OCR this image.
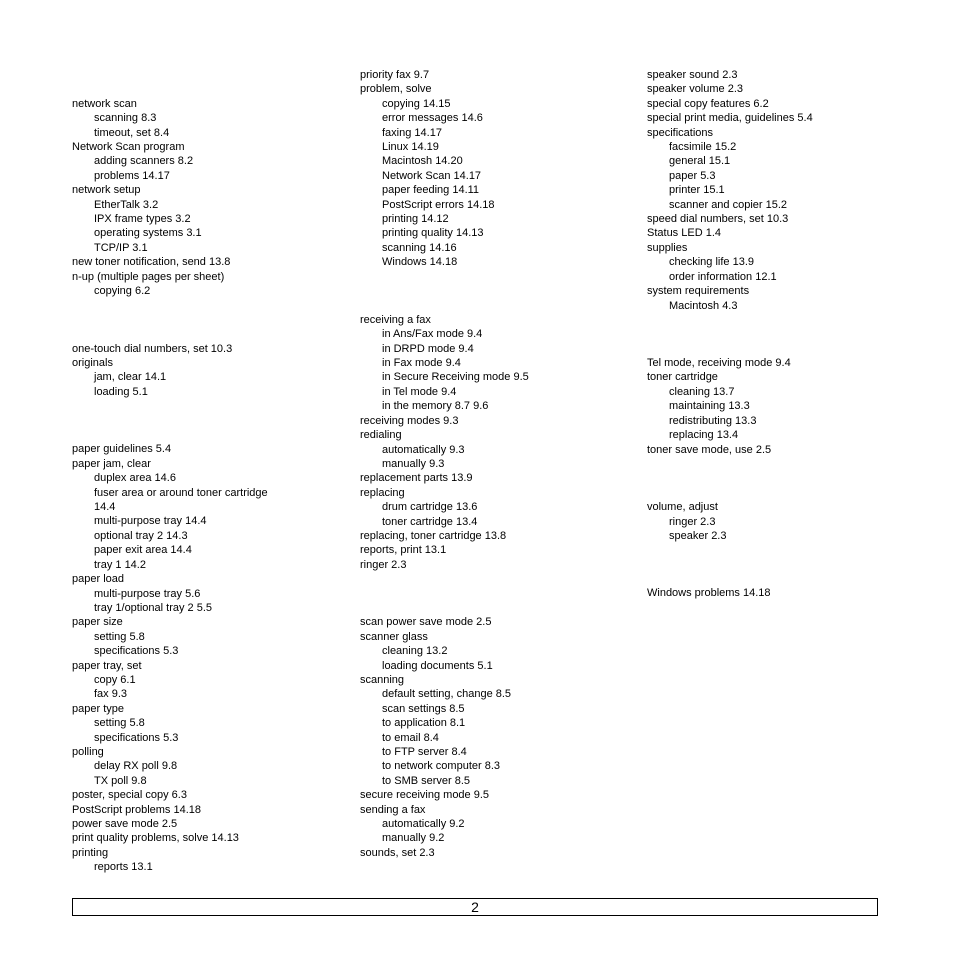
network scan
scanning 8.3
timeout, set 8.4
Network Scan program
adding scanners 8.2
problems 14.17
network setup
EtherTalk 3.2
IPX frame types 3.2
operating systems 3.1
TCP/IP 3.1
new toner notification, send 13.8
n-up (multiple pages per sheet)
copying 6.2
one-touch dial numbers, set 10.3
originals
jam, clear 14.1
loading 5.1
paper guidelines 5.4
paper jam, clear
duplex area 14.6
fuser area or around toner cartridge
14.4
multi-purpose tray 14.4
optional tray 2 14.3
paper exit area 14.4
tray 1 14.2
paper load
multi-purpose tray 5.6
tray 1/optional tray 2 5.5
paper size
setting 5.8
specifications 5.3
paper tray, set
copy 6.1
fax 9.3
paper type
setting 5.8
specifications 5.3
polling
delay RX poll 9.8
TX poll 9.8
poster, special copy 6.3
PostScript problems 14.18
power save mode 2.5
print quality problems, solve 14.13
printing
reports 13.1
priority fax 9.7
problem, solve
copying 14.15
error messages 14.6
faxing 14.17
Linux 14.19
Macintosh 14.20
Network Scan 14.17
paper feeding 14.11
PostScript errors 14.18
printing 14.12
printing quality 14.13
scanning 14.16
Windows 14.18
receiving a fax
in Ans/Fax mode 9.4
in DRPD mode 9.4
in Fax mode 9.4
in Secure Receiving mode 9.5
in Tel mode 9.4
in the memory 8.7 9.6
receiving modes 9.3
redialing
automatically 9.3
manually 9.3
replacement parts 13.9
replacing
drum cartridge 13.6
toner cartridge 13.4
replacing, toner cartridge 13.8
reports, print 13.1
ringer 2.3
scan power save mode 2.5
scanner glass
cleaning 13.2
loading documents 5.1
scanning
default setting, change 8.5
scan settings 8.5
to application 8.1
to email 8.4
to FTP server 8.4
to network computer 8.3
to SMB server 8.5
secure receiving mode 9.5
sending a fax
automatically 9.2
manually 9.2
sounds, set 2.3
speaker sound 2.3
speaker volume 2.3
special copy features 6.2
special print media, guidelines 5.4
specifications
facsimile 15.2
general 15.1
paper 5.3
printer 15.1
scanner and copier 15.2
speed dial numbers, set 10.3
Status LED 1.4
supplies
checking life 13.9
order information 12.1
system requirements
Macintosh 4.3
Tel mode, receiving mode 9.4
toner cartridge
cleaning 13.7
maintaining 13.3
redistributing 13.3
replacing 13.4
toner save mode, use 2.5
volume, adjust
ringer 2.3
speaker 2.3
Windows problems 14.18
2
